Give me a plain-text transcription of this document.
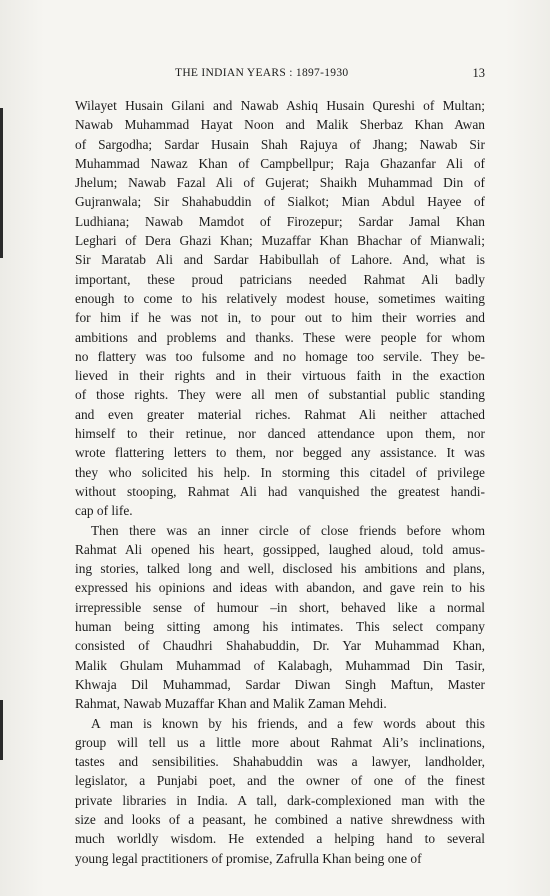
THE INDIAN YEARS : 1897-1930	13
Wilayet Husain Gilani and Nawab Ashiq Husain Qureshi of Multan;
Nawab Muhammad Hayat Noon and Malik Sherbaz Khan Awan
of Sargodha; Sardar Husain Shah Rajuya of Jhang; Nawab Sir
Muhammad Nawaz Khan of Campbellpur; Raja Ghazanfar Ali of
Jhelum; Nawab Fazal Ali of Gujerat; Shaikh Muhammad Din of
Gujranwala; Sir Shahabuddin of Sialkot; Mian Abdul Hayee of
Ludhiana; Nawab Mamdot of Firozepur; Sardar Jamal Khan
Leghari of Dera Ghazi Khan; Muzaffar Khan Bhachar of Mianwali;
Sir Maratab Ali and Sardar Habibullah of Lahore. And, what is
important, these proud patricians needed Rahmat Ali badly
enough to come to his relatively modest house, sometimes waiting
for him if he was not in, to pour out to him their worries and
ambitions and problems and thanks. These were people for whom
no flattery was too fulsome and no homage too servile. They be-
lieved in their rights and in their virtuous faith in the exaction
of those rights. They were all men of substantial public standing
and even greater material riches. Rahmat Ali neither attached
himself to their retinue, nor danced attendance upon them, nor
wrote flattering letters to them, nor begged any assistance. It was
they who solicited his help. In storming this citadel of privilege
without stooping, Rahmat Ali had vanquished the greatest handi-
cap of life.
Then there was an inner circle of close friends before whom
Rahmat Ali opened his heart, gossipped, laughed aloud, told amus-
ing stories, talked long and well, disclosed his ambitions and plans,
expressed his opinions and ideas with abandon, and gave rein to his
irrepressible sense of humour –in short, behaved like a normal
human being sitting among his intimates. This select company
consisted of Chaudhri Shahabuddin, Dr. Yar Muhammad Khan,
Malik Ghulam Muhammad of Kalabagh, Muhammad Din Tasir,
Khwaja Dil Muhammad, Sardar Diwan Singh Maftun, Master
Rahmat, Nawab Muzaffar Khan and Malik Zaman Mehdi.
A man is known by his friends, and a few words about this
group will tell us a little more about Rahmat Ali’s inclinations,
tastes and sensibilities. Shahabuddin was a lawyer, landholder,
legislator, a Punjabi poet, and the owner of one of the finest
private libraries in India. A tall, dark-complexioned man with the
size and looks of a peasant, he combined a native shrewdness with
much worldly wisdom. He extended a helping hand to several
young legal practitioners of promise, Zafrulla Khan being one of
